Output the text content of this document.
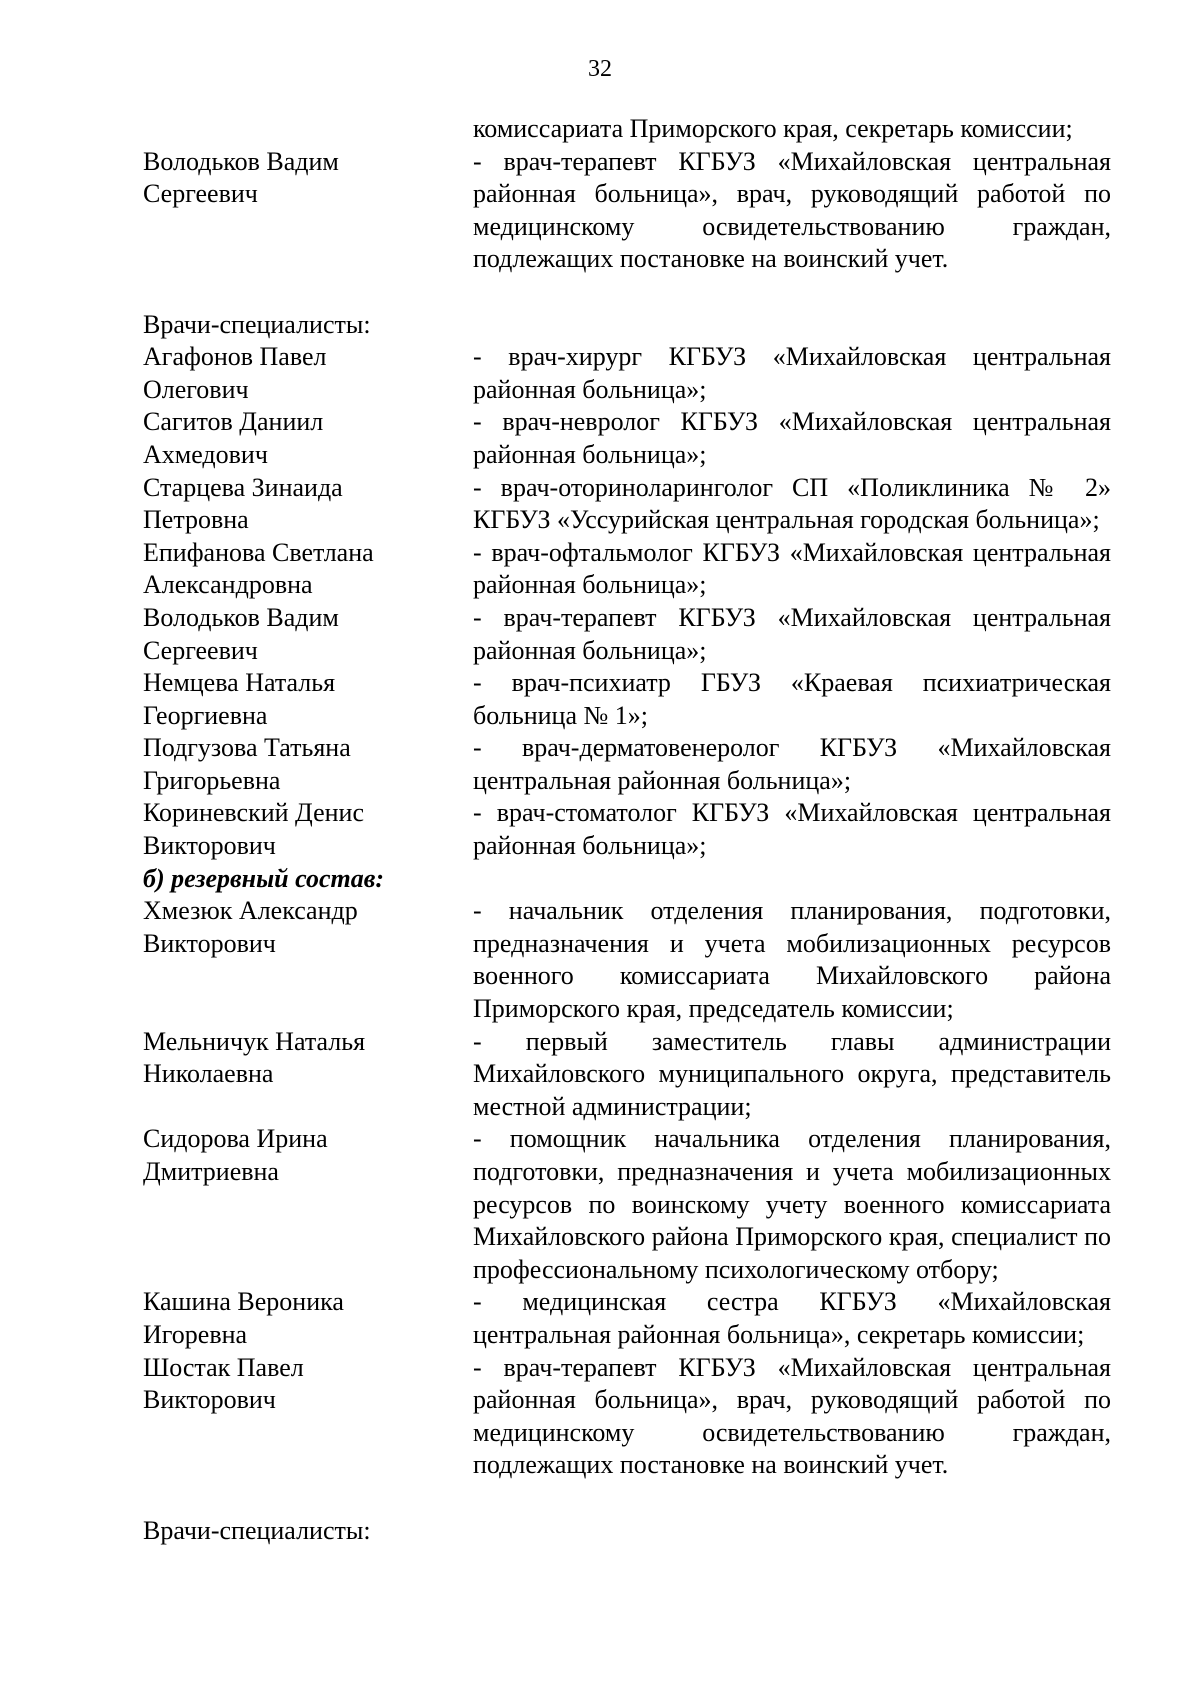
32
комиссариата Приморского края, секретарь комиссии;
Володьков Вадим
Сергеевич
- врач-терапевт КГБУЗ «Михайловская центральная районная больница», врач, руководящий работой по медицинскому освидетельствованию граждан, подлежащих постановке на воинский учет.
Врачи-специалисты:
Агафонов Павел
Олегович
- врач-хирург КГБУЗ «Михайловская центральная районная больница»;
Сагитов Даниил
Ахмедович
- врач-невролог КГБУЗ «Михайловская центральная районная больница»;
Старцева Зинаида
Петровна
- врач-оториноларинголог СП «Поликлиника № 2» КГБУЗ «Уссурийская центральная городская больница»;
Епифанова Светлана
Александровна
- врач-офтальмолог КГБУЗ «Михайловская центральная районная больница»;
Володьков Вадим
Сергеевич
- врач-терапевт КГБУЗ «Михайловская центральная районная больница»;
Немцева Наталья
Георгиевна
- врач-психиатр ГБУЗ «Краевая психиатрическая больница № 1»;
Подгузова Татьяна
Григорьевна
- врач-дерматовенеролог КГБУЗ «Михайловская центральная районная больница»;
Кориневский Денис
Викторович
- врач-стоматолог КГБУЗ «Михайловская центральная районная больница»;
б) резервный состав:
Хмезюк Александр
Викторович
- начальник отделения планирования, подготовки, предназначения и учета мобилизационных ресурсов военного комиссариата Михайловского района Приморского края, председатель комиссии;
Мельничук Наталья
Николаевна
- первый заместитель главы администрации Михайловского муниципального округа, представитель местной администрации;
Сидорова Ирина
Дмитриевна
- помощник начальника отделения планирования, подготовки, предназначения и учета мобилизационных ресурсов по воинскому учету военного комиссариата Михайловского района Приморского края, специалист по профессиональному психологическому отбору;
Кашина Вероника
Игоревна
- медицинская сестра КГБУЗ «Михайловская центральная районная больница», секретарь комиссии;
Шостак Павел
Викторович
- врач-терапевт КГБУЗ «Михайловская центральная районная больница», врач, руководящий работой по медицинскому освидетельствованию граждан, подлежащих постановке на воинский учет.
Врачи-специалисты:
